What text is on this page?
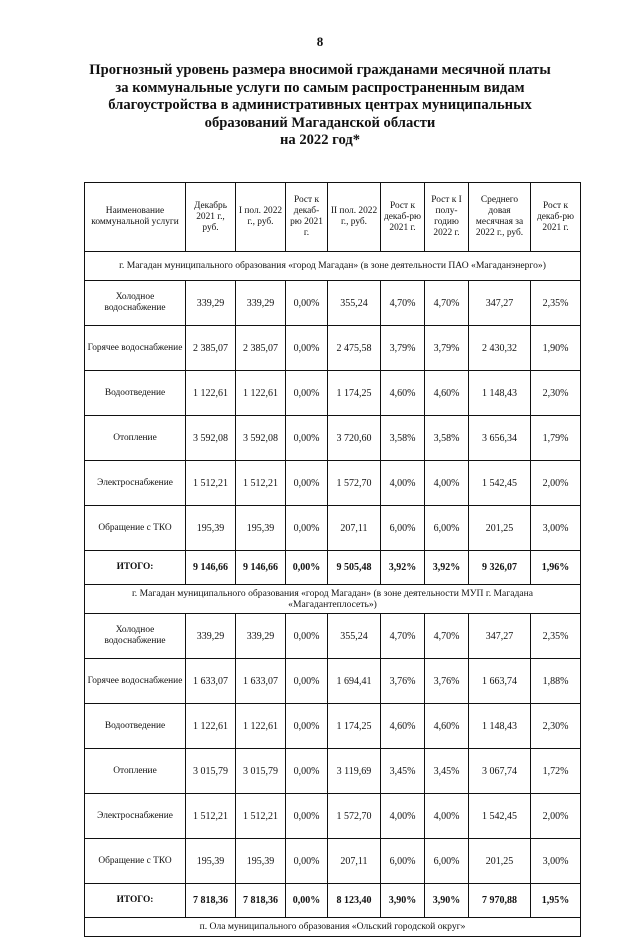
8
Прогнозный уровень размера вносимой гражданами месячной платы
за коммунальные услуги по самым распространенным видам
благоустройства в административных центрах муниципальных
образований Магаданской области
на 2022 год*
Наименование коммунальной услуги	Декабрь 2021 г., руб.	I пол. 2022 г., руб.	Рост к декаб-рю 2021 г.	II пол. 2022 г., руб.	Рост к декаб-рю 2021 г.	Рост к I полу-годию 2022 г.	Среднего довая месячная за 2022 г., руб.	Рост к декаб-рю 2021 г.
г. Магадан муниципального образования «город Магадан» (в зоне деятельности ПАО «Магаданэнерго»)								
Холодное водоснабжение	339,29	339,29	0,00%	355,24	4,70%	4,70%	347,27	2,35%
Горячее водоснабжение	2 385,07	2 385,07	0,00%	2 475,58	3,79%	3,79%	2 430,32	1,90%
Водоотведение	1 122,61	1 122,61	0,00%	1 174,25	4,60%	4,60%	1 148,43	2,30%
Отопление	3 592,08	3 592,08	0,00%	3 720,60	3,58%	3,58%	3 656,34	1,79%
Электроснабжение	1 512,21	1 512,21	0,00%	1 572,70	4,00%	4,00%	1 542,45	2,00%
Обращение с ТКО	195,39	195,39	0,00%	207,11	6,00%	6,00%	201,25	3,00%
ИТОГО:	9 146,66	9 146,66	0,00%	9 505,48	3,92%	3,92%	9 326,07	1,96%
г. Магадан муниципального образования «город Магадан» (в зоне деятельности МУП г. Магадана «Магадантеплосеть»)								
Холодное водоснабжение	339,29	339,29	0,00%	355,24	4,70%	4,70%	347,27	2,35%
Горячее водоснабжение	1 633,07	1 633,07	0,00%	1 694,41	3,76%	3,76%	1 663,74	1,88%
Водоотведение	1 122,61	1 122,61	0,00%	1 174,25	4,60%	4,60%	1 148,43	2,30%
Отопление	3 015,79	3 015,79	0,00%	3 119,69	3,45%	3,45%	3 067,74	1,72%
Электроснабжение	1 512,21	1 512,21	0,00%	1 572,70	4,00%	4,00%	1 542,45	2,00%
Обращение с ТКО	195,39	195,39	0,00%	207,11	6,00%	6,00%	201,25	3,00%
ИТОГО:	7 818,36	7 818,36	0,00%	8 123,40	3,90%	3,90%	7 970,88	1,95%
п. Ола муниципального образования «Ольский городской округ»								
